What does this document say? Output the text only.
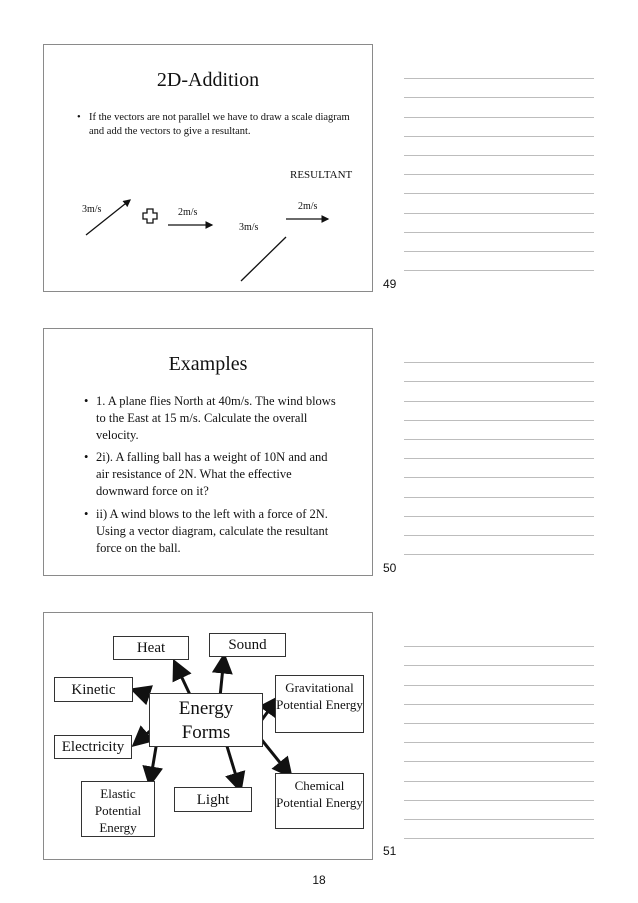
2D-Addition
• If the vectors are not parallel we have to draw a scale diagram and add the vectors to give a resultant.
RESULTANT
3m/s	2m/s
2m/s
3m/s
49
Examples
• 1. A plane flies North at 40m/s. The wind blows to the East at 15 m/s. Calculate the overall velocity.
• 2i). A falling ball has a weight of 10N and and air resistance of 2N. What the effective downward force on it?
• ii) A wind blows to the left with a force of 2N. Using a vector diagram, calculate the resultant force on the ball.
50
Energy Forms
Heat	Sound
Kinetic	Gravitational Potential Energy
Electricity
Elastic Potential Energy
Light
Chemical Potential Energy
51
18
